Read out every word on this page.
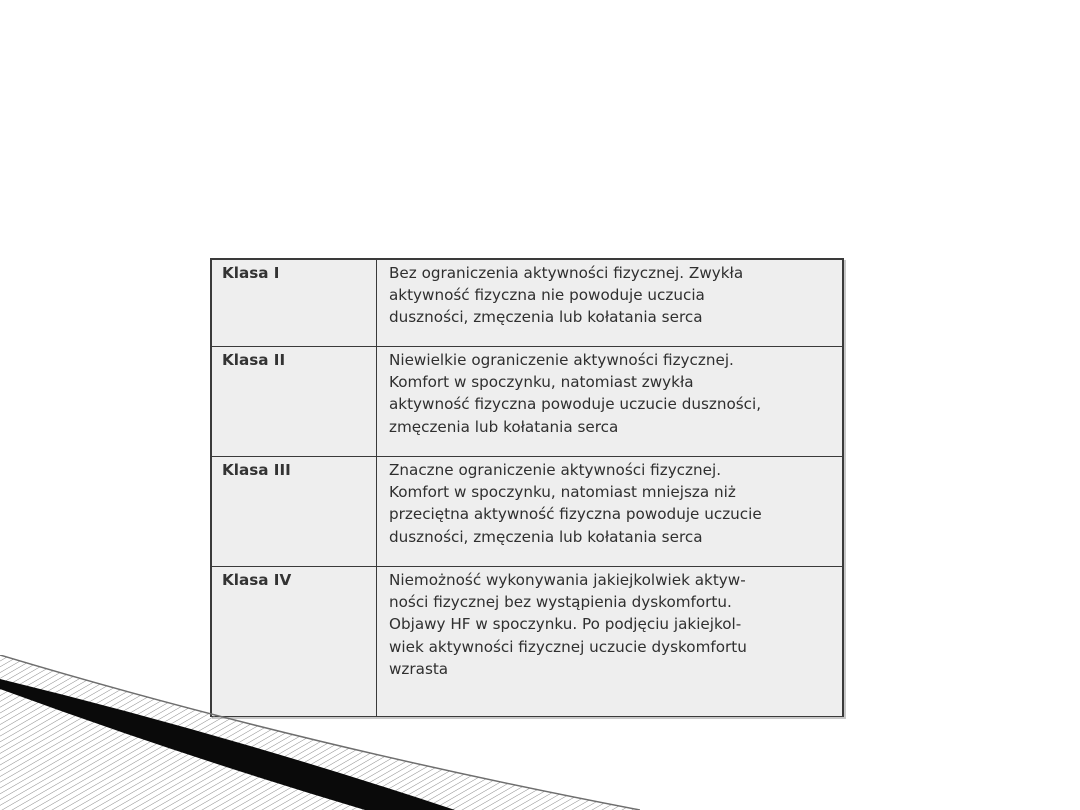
Klasa I	Bez ograniczenia aktywności fizycznej. Zwykła
aktywność fizyczna nie powoduje uczucia
duszności, zmęczenia lub kołatania serca

Klasa II	Niewielkie ograniczenie aktywności fizycznej.
Komfort w spoczynku, natomiast zwykła
aktywność fizyczna powoduje uczucie duszności,
zmęczenia lub kołatania serca

Klasa III	Znaczne ograniczenie aktywności fizycznej.
Komfort w spoczynku, natomiast mniejsza niż
przeciętna aktywność fizyczna powoduje uczucie
duszności, zmęczenia lub kołatania serca

Klasa IV	Niemożność wykonywania jakiejkolwiek aktyw-
ności fizycznej bez wystąpienia dyskomfortu.
Objawy HF w spoczynku. Po podjęciu jakiejkol-
wiek aktywności fizycznej uczucie dyskomfortu
wzrasta
